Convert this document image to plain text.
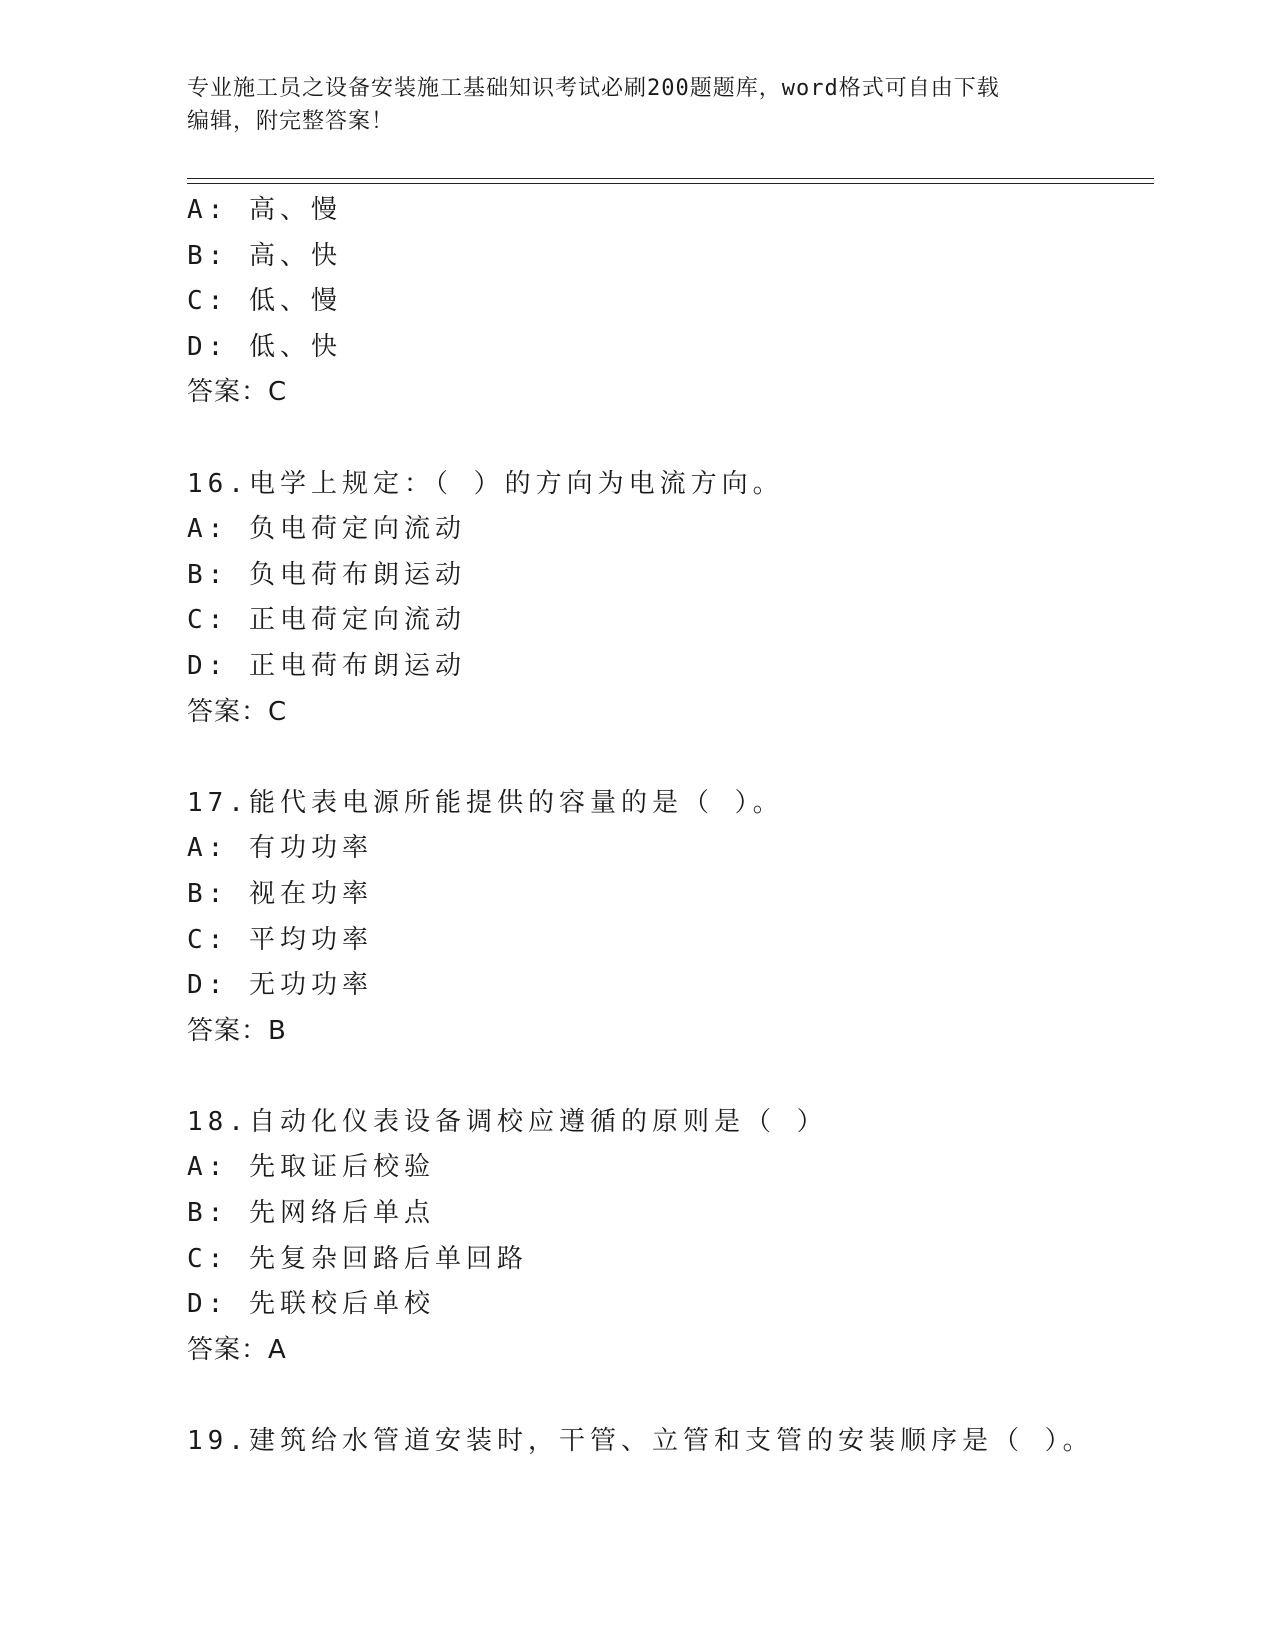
专业施工员之设备安装施工基础知识考试必刷200题题库，word格式可自由下载
编辑，附完整答案！
A: 高、慢
B: 高、快
C: 低、慢
D: 低、快
答案：C
16.电学上规定：（ ）的方向为电流方向。
A: 负电荷定向流动
B: 负电荷布朗运动
C: 正电荷定向流动
D: 正电荷布朗运动
答案：C
17.能代表电源所能提供的容量的是（ ）。
A: 有功功率
B: 视在功率
C: 平均功率
D: 无功功率
答案：B
18.自动化仪表设备调校应遵循的原则是（ ）
A: 先取证后校验
B: 先网络后单点
C: 先复杂回路后单回路
D: 先联校后单校
答案：A
19.建筑给水管道安装时，干管、立管和支管的安装顺序是（ ）。
